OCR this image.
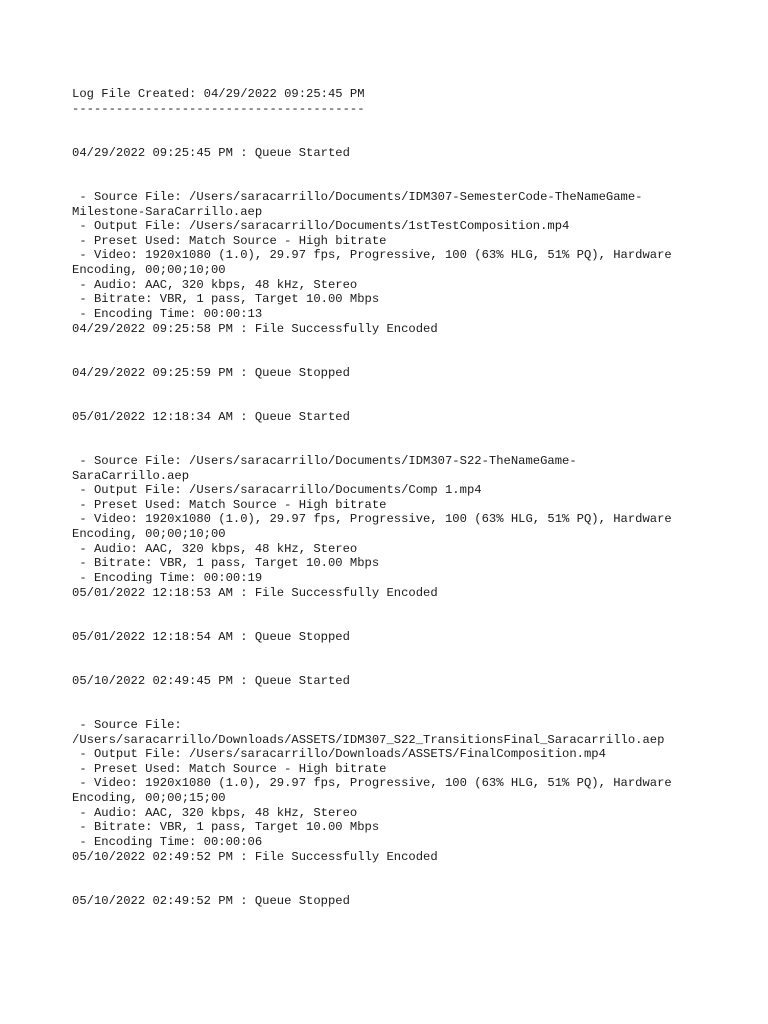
Log File Created: 04/29/2022 09:25:45 PM

----------------------------------------

04/29/2022 09:25:45 PM : Queue Started

- Source File: /Users/saracarrillo/Documents/IDM307-SemesterCode-TheNameGame-

Milestone-SaraCarrillo.aep

- Output File: /Users/saracarrillo/Documents/1stTestComposition.mp4

- Preset Used: Match Source - High bitrate

- Video: 1920x1080 (1.0), 29.97 fps, Progressive, 100 (63% HLG, 51% PQ), Hardware

Encoding, 00;00;10;00

- Audio: AAC, 320 kbps, 48 kHz, Stereo

- Bitrate: VBR, 1 pass, Target 10.00 Mbps

- Encoding Time: 00:00:13

04/29/2022 09:25:58 PM : File Successfully Encoded

04/29/2022 09:25:59 PM : Queue Stopped

05/01/2022 12:18:34 AM : Queue Started

- Source File: /Users/saracarrillo/Documents/IDM307-S22-TheNameGame-

SaraCarrillo.aep

- Output File: /Users/saracarrillo/Documents/Comp 1.mp4

- Preset Used: Match Source - High bitrate

- Video: 1920x1080 (1.0), 29.97 fps, Progressive, 100 (63% HLG, 51% PQ), Hardware

Encoding, 00;00;10;00

- Audio: AAC, 320 kbps, 48 kHz, Stereo

- Bitrate: VBR, 1 pass, Target 10.00 Mbps

- Encoding Time: 00:00:19

05/01/2022 12:18:53 AM : File Successfully Encoded

05/01/2022 12:18:54 AM : Queue Stopped

05/10/2022 02:49:45 PM : Queue Started

- Source File:

/Users/saracarrillo/Downloads/ASSETS/IDM307_S22_TransitionsFinal_Saracarrillo.aep

- Output File: /Users/saracarrillo/Downloads/ASSETS/FinalComposition.mp4

- Preset Used: Match Source - High bitrate

- Video: 1920x1080 (1.0), 29.97 fps, Progressive, 100 (63% HLG, 51% PQ), Hardware

Encoding, 00;00;15;00

- Audio: AAC, 320 kbps, 48 kHz, Stereo

- Bitrate: VBR, 1 pass, Target 10.00 Mbps

- Encoding Time: 00:00:06

05/10/2022 02:49:52 PM : File Successfully Encoded

05/10/2022 02:49:52 PM : Queue Stopped
